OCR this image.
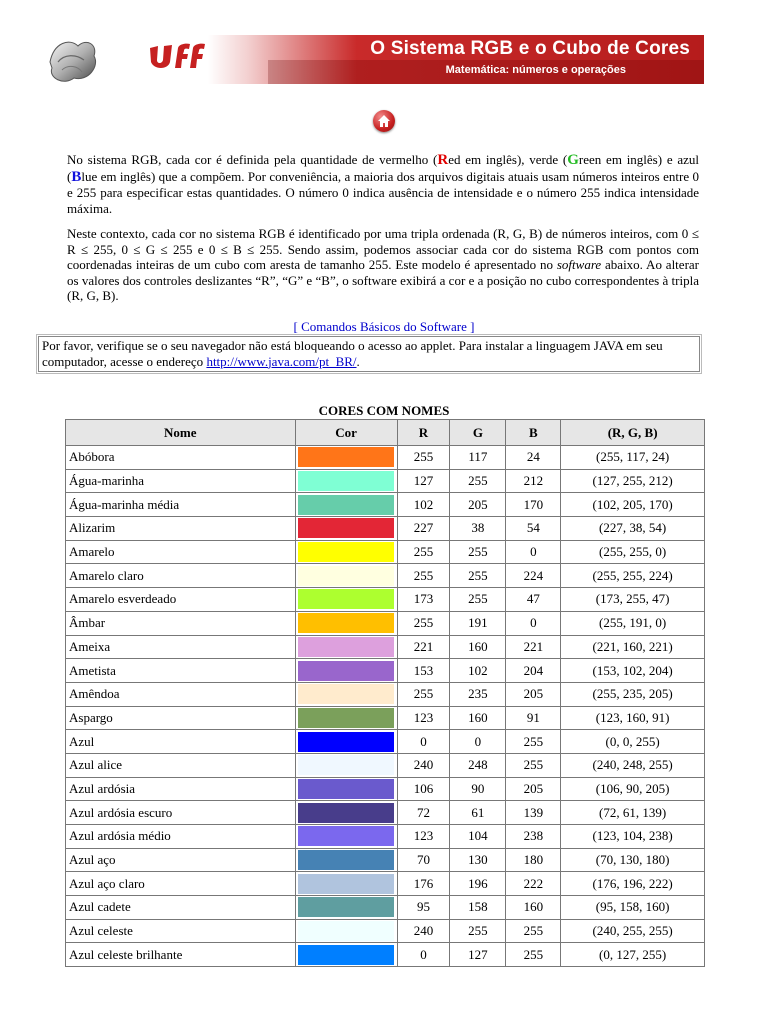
O Sistema RGB e o Cubo de Cores
Matemática: números e operações
No sistema RGB, cada cor é definida pela quantidade de vermelho (Red em inglês), verde (Green em inglês) e azul (Blue em inglês) que a compõem. Por conveniência, a maioria dos arquivos digitais atuais usam números inteiros entre 0 e 255 para especificar estas quantidades. O número 0 indica ausência de intensidade e o número 255 indica intensidade máxima.
Neste contexto, cada cor no sistema RGB é identificado por uma tripla ordenada (R, G, B) de números inteiros, com 0 ≤ R ≤ 255, 0 ≤ G ≤ 255 e 0 ≤ B ≤ 255. Sendo assim, podemos associar cada cor do sistema RGB com pontos com coordenadas inteiras de um cubo com aresta de tamanho 255. Este modelo é apresentado no software abaixo. Ao alterar os valores dos controles deslizantes “R”, “G” e “B”, o software exibirá a cor e a posição no cubo correspondentes à tripla (R, G, B).
[ Comandos Básicos do Software ]
Por favor, verifique se o seu navegador não está bloqueando o acesso ao applet. Para instalar a linguagem JAVA em seu computador, acesse o endereço http://www.java.com/pt_BR/.
CORES COM NOMES
Nome	Cor	R	G	B	(R, G, B)
Abóbora		255	117	24	(255, 117, 24)
Água-marinha		127	255	212	(127, 255, 212)
Água-marinha média		102	205	170	(102, 205, 170)
Alizarim		227	38	54	(227, 38, 54)
Amarelo		255	255	0	(255, 255, 0)
Amarelo claro		255	255	224	(255, 255, 224)
Amarelo esverdeado		173	255	47	(173, 255, 47)
Âmbar		255	191	0	(255, 191, 0)
Ameixa		221	160	221	(221, 160, 221)
Ametista		153	102	204	(153, 102, 204)
Amêndoa		255	235	205	(255, 235, 205)
Aspargo		123	160	91	(123, 160, 91)
Azul		0	0	255	(0, 0, 255)
Azul alice		240	248	255	(240, 248, 255)
Azul ardósia		106	90	205	(106, 90, 205)
Azul ardósia escuro		72	61	139	(72, 61, 139)
Azul ardósia médio		123	104	238	(123, 104, 238)
Azul aço		70	130	180	(70, 130, 180)
Azul aço claro		176	196	222	(176, 196, 222)
Azul cadete		95	158	160	(95, 158, 160)
Azul celeste		240	255	255	(240, 255, 255)
Azul celeste brilhante		0	127	255	(0, 127, 255)
